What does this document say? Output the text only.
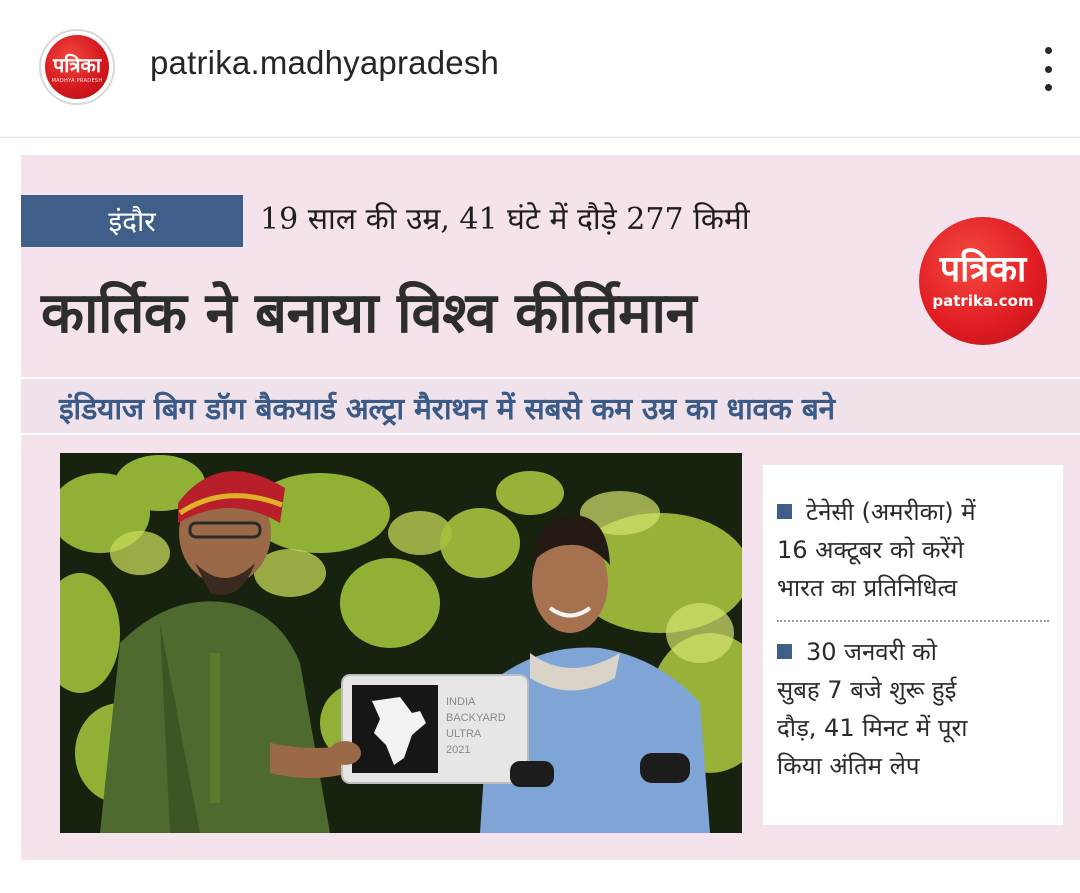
पत्रिका
MADHYA PRADESH patrika.madhyapradesh
इंदौर	19 साल की उम्र, 41 घंटे में दौड़े 277 किमी
कार्तिक ने बनाया विश्व कीर्तिमान
पत्रिका
patrika.com
इंडियाज बिग डॉग बैकयार्ड अल्ट्रा मैराथन में सबसे कम उम्र का धावक बने
INDIA
BACKYARD
ULTRA
2021
टेनेसी (अमरीका) में
16 अक्टूबर को करेंगे
भारत का प्रतिनिधित्व
30 जनवरी को
सुबह 7 बजे शुरू हुई
दौड़, 41 मिनट में पूरा
किया अंतिम लेप
